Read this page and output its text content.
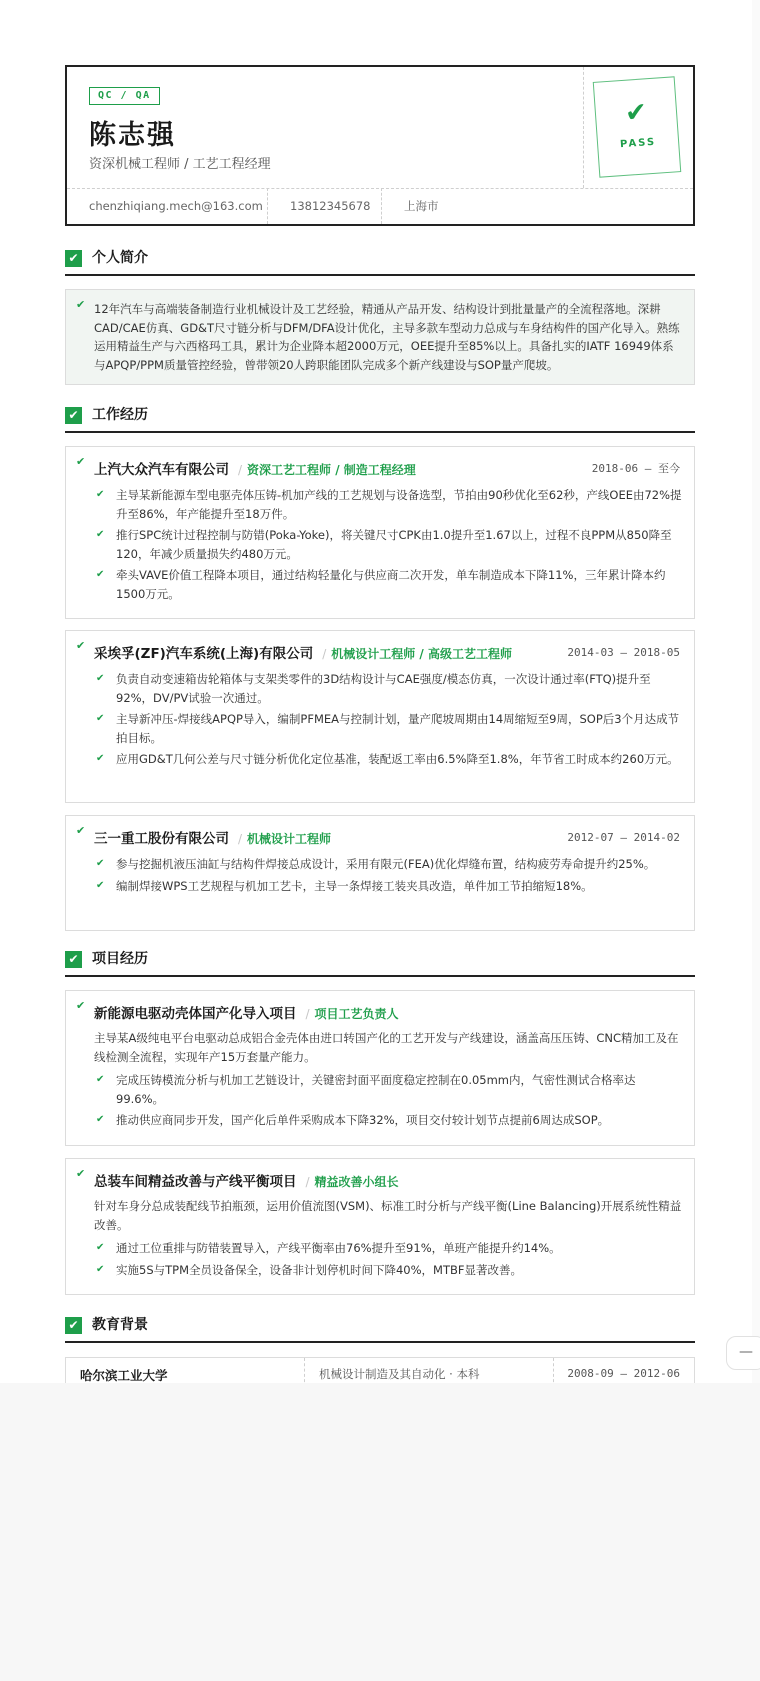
QC / QA
陈志强
资深机械工程师 / 工艺工程经理
chenzhiqiang.mech@163.com	13812345678	上海市
✔
PASS
✔ 个人简介
✔ 12年汽车与高端装备制造行业机械设计及工艺经验，精通从产品开发、结构设计到批量量产的全流程落地。深耕CAD/CAE仿真、GD&T尺寸链分析与DFM/DFA设计优化，主导多款车型动力总成与车身结构件的国产化导入。熟练运用精益生产与六西格玛工具，累计为企业降本超2000万元，OEE提升至85%以上。具备扎实的IATF 16949体系与APQP/PPM质量管控经验，曾带领20人跨职能团队完成多个新产线建设与SOP量产爬坡。
✔ 工作经历
✔
上汽大众汽车有限公司 / 资深工艺工程师 / 制造工程经理	2018-06 — 至今
✔ 主导某新能源车型电驱壳体压铸-机加产线的工艺规划与设备选型，节拍由90秒优化至62秒，产线OEE由72%提升至86%，年产能提升至18万件。
✔ 推行SPC统计过程控制与防错(Poka-Yoke)，将关键尺寸CPK由1.0提升至1.67以上，过程不良PPM从850降至120，年减少质量损失约480万元。
✔ 牵头VAVE价值工程降本项目，通过结构轻量化与供应商二次开发，单车制造成本下降11%，三年累计降本约1500万元。
✔
采埃孚(ZF)汽车系统(上海)有限公司 / 机械设计工程师 / 高级工艺工程师	2014-03 — 2018-05
✔ 负责自动变速箱齿轮箱体与支架类零件的3D结构设计与CAE强度/模态仿真，一次设计通过率(FTQ)提升至92%，DV/PV试验一次通过。
✔ 主导新冲压-焊接线APQP导入，编制PFMEA与控制计划，量产爬坡周期由14周缩短至9周，SOP后3个月达成节拍目标。
✔ 应用GD&T几何公差与尺寸链分析优化定位基准，装配返工率由6.5%降至1.8%，年节省工时成本约260万元。
✔
三一重工股份有限公司 / 机械设计工程师	2012-07 — 2014-02
✔ 参与挖掘机液压油缸与结构件焊接总成设计，采用有限元(FEA)优化焊缝布置，结构疲劳寿命提升约25%。
✔ 编制焊接WPS工艺规程与机加工艺卡，主导一条焊接工装夹具改造，单件加工节拍缩短18%。
✔ 项目经历
✔
新能源电驱动壳体国产化导入项目 / 项目工艺负责人
主导某A级纯电平台电驱动总成铝合金壳体由进口转国产化的工艺开发与产线建设，涵盖高压压铸、CNC精加工及在线检测全流程，实现年产15万套量产能力。
✔ 完成压铸模流分析与机加工艺链设计，关键密封面平面度稳定控制在0.05mm内，气密性测试合格率达99.6%。
✔ 推动供应商同步开发，国产化后单件采购成本下降32%，项目交付较计划节点提前6周达成SOP。
✔
总装车间精益改善与产线平衡项目 / 精益改善小组长
针对车身分总成装配线节拍瓶颈，运用价值流图(VSM)、标准工时分析与产线平衡(Line Balancing)开展系统性精益改善。
✔ 通过工位重排与防错装置导入，产线平衡率由76%提升至91%，单班产能提升约14%。
✔ 实施5S与TPM全员设备保全，设备非计划停机时间下降40%，MTBF显著改善。
✔ 教育背景
哈尔滨工业大学	机械设计制造及其自动化 · 本科	2008-09 — 2012-06
—
